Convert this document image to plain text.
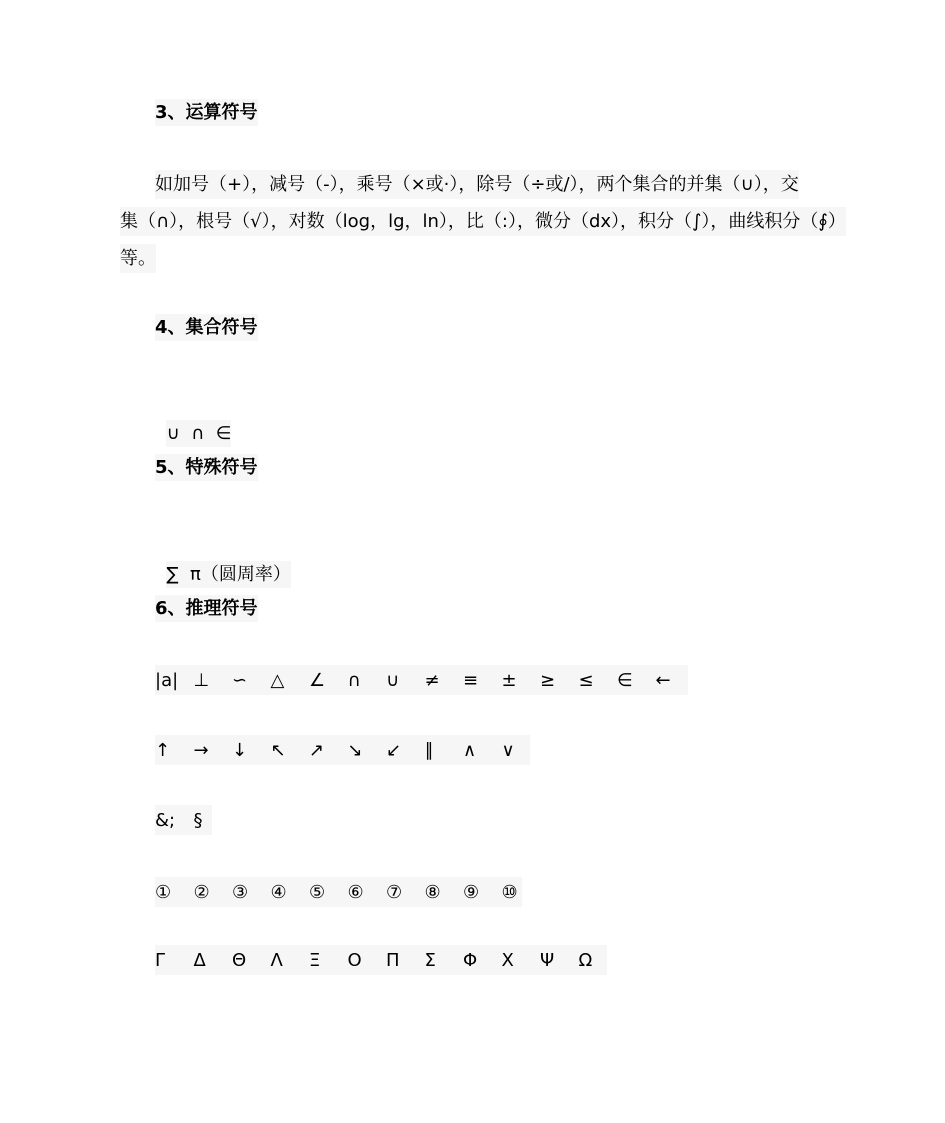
3、运算符号
如加号（+），减号（-），乘号（×或·），除号（÷或/），两个集合的并集（∪），交
集（∩），根号（√），对数（log，lg，ln），比（:），微分（dx），积分（∫），曲线积分（∮）
等。
4、集合符号

∪  ∩  ∈

5、特殊符号

∑  π（圆周率）

6、推理符号
|a| ⊥	∽	△	∠	∩	∪	≠	≡	±	≥	≤	∈	←
↑	→	↓	↖	↗	↘	↙	∥	∧	∨
&;	§
①	②	③	④	⑤	⑥	⑦	⑧	⑨	⑩
Γ	Δ	Θ	Λ	Ξ	Ο	Π	Σ	Φ	Χ	Ψ	Ω
